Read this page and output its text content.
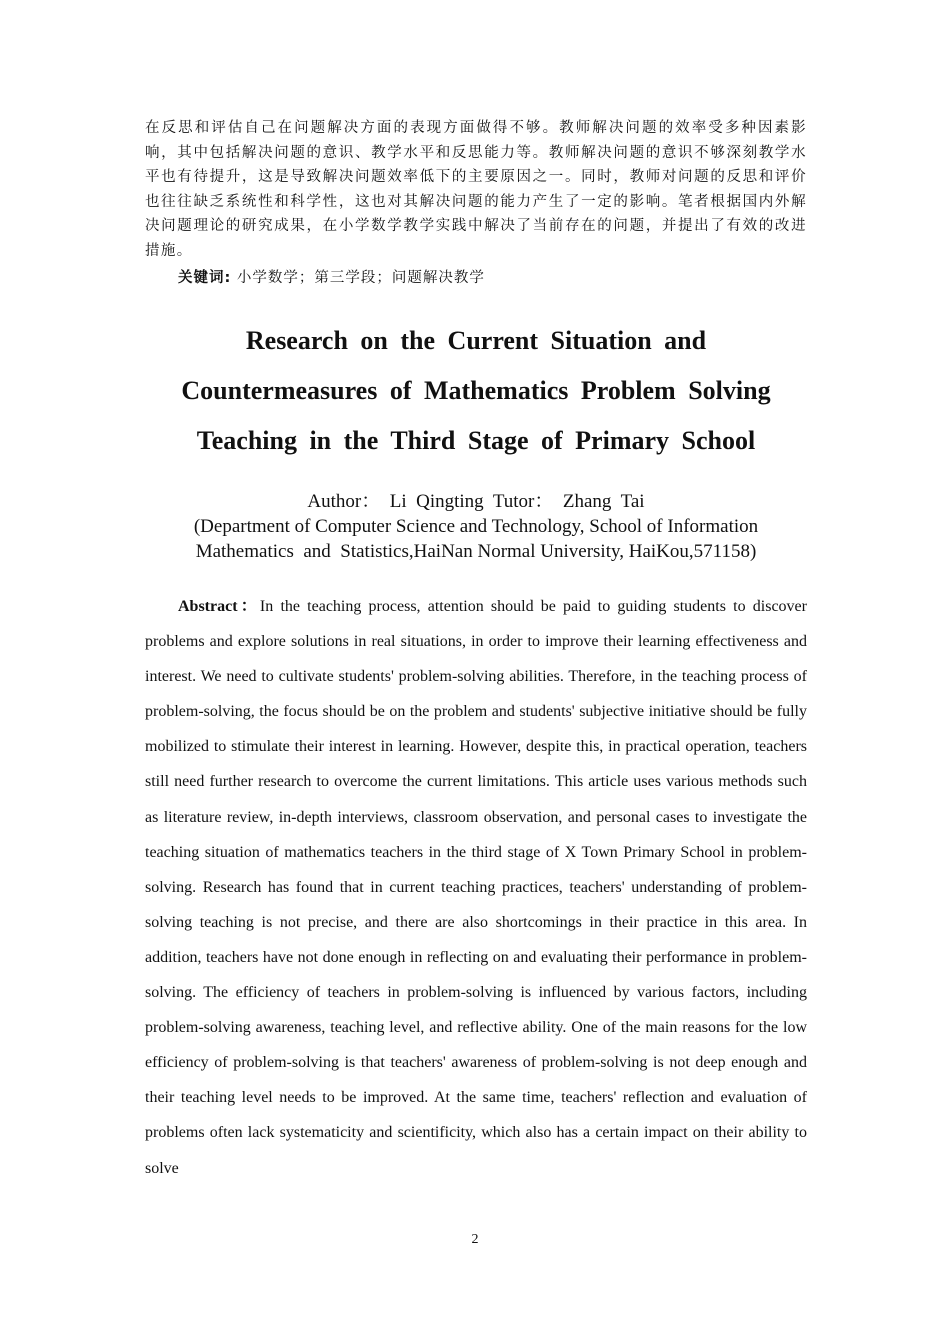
在反思和评估自己在问题解决方面的表现方面做得不够。教师解决问题的效率受多种因素影响，其中包括解决问题的意识、教学水平和反思能力等。教师解决问题的意识不够深刻教学水平也有待提升，这是导致解决问题效率低下的主要原因之一。同时，教师对问题的反思和评价也往往缺乏系统性和科学性，这也对其解决问题的能力产生了一定的影响。笔者根据国内外解决问题理论的研究成果，在小学数学教学实践中解决了当前存在的问题，并提出了有效的改进措施。

关键词: 小学数学；第三学段；问题解决教学
Research on the Current Situation and Countermeasures of Mathematics Problem Solving Teaching in the Third Stage of Primary School
Author：  Li  Qingting  Tutor：  Zhang  Tai
(Department of Computer Science and Technology, School of Information
Mathematics  and  Statistics,HaiNan Normal University, HaiKou,571158)

Abstract：In the teaching process, attention should be paid to guiding students to discover problems and explore solutions in real situations, in order to improve their learning effectiveness and interest. We need to cultivate students' problem-solving abilities. Therefore, in the teaching process of problem-solving, the focus should be on the problem and students' subjective initiative should be fully mobilized to stimulate their interest in learning. However, despite this, in practical operation, teachers still need further research to overcome the current limitations. This article uses various methods such as literature review, in-depth interviews, classroom observation, and personal cases to investigate the teaching situation of mathematics teachers in the third stage of X Town Primary School in problem-solving. Research has found that in current teaching practices, teachers' understanding of problem-solving teaching is not precise, and there are also shortcomings in their practice in this area. In addition, teachers have not done enough in reflecting on and evaluating their performance in problem-solving. The efficiency of teachers in problem-solving is influenced by various factors, including problem-solving awareness, teaching level, and reflective ability. One of the main reasons for the low efficiency of problem-solving is that teachers' awareness of problem-solving is not deep enough and their teaching level needs to be improved. At the same time, teachers' reflection and evaluation of problems often lack systematicity and scientificity, which also has a certain impact on their ability to solve

2
